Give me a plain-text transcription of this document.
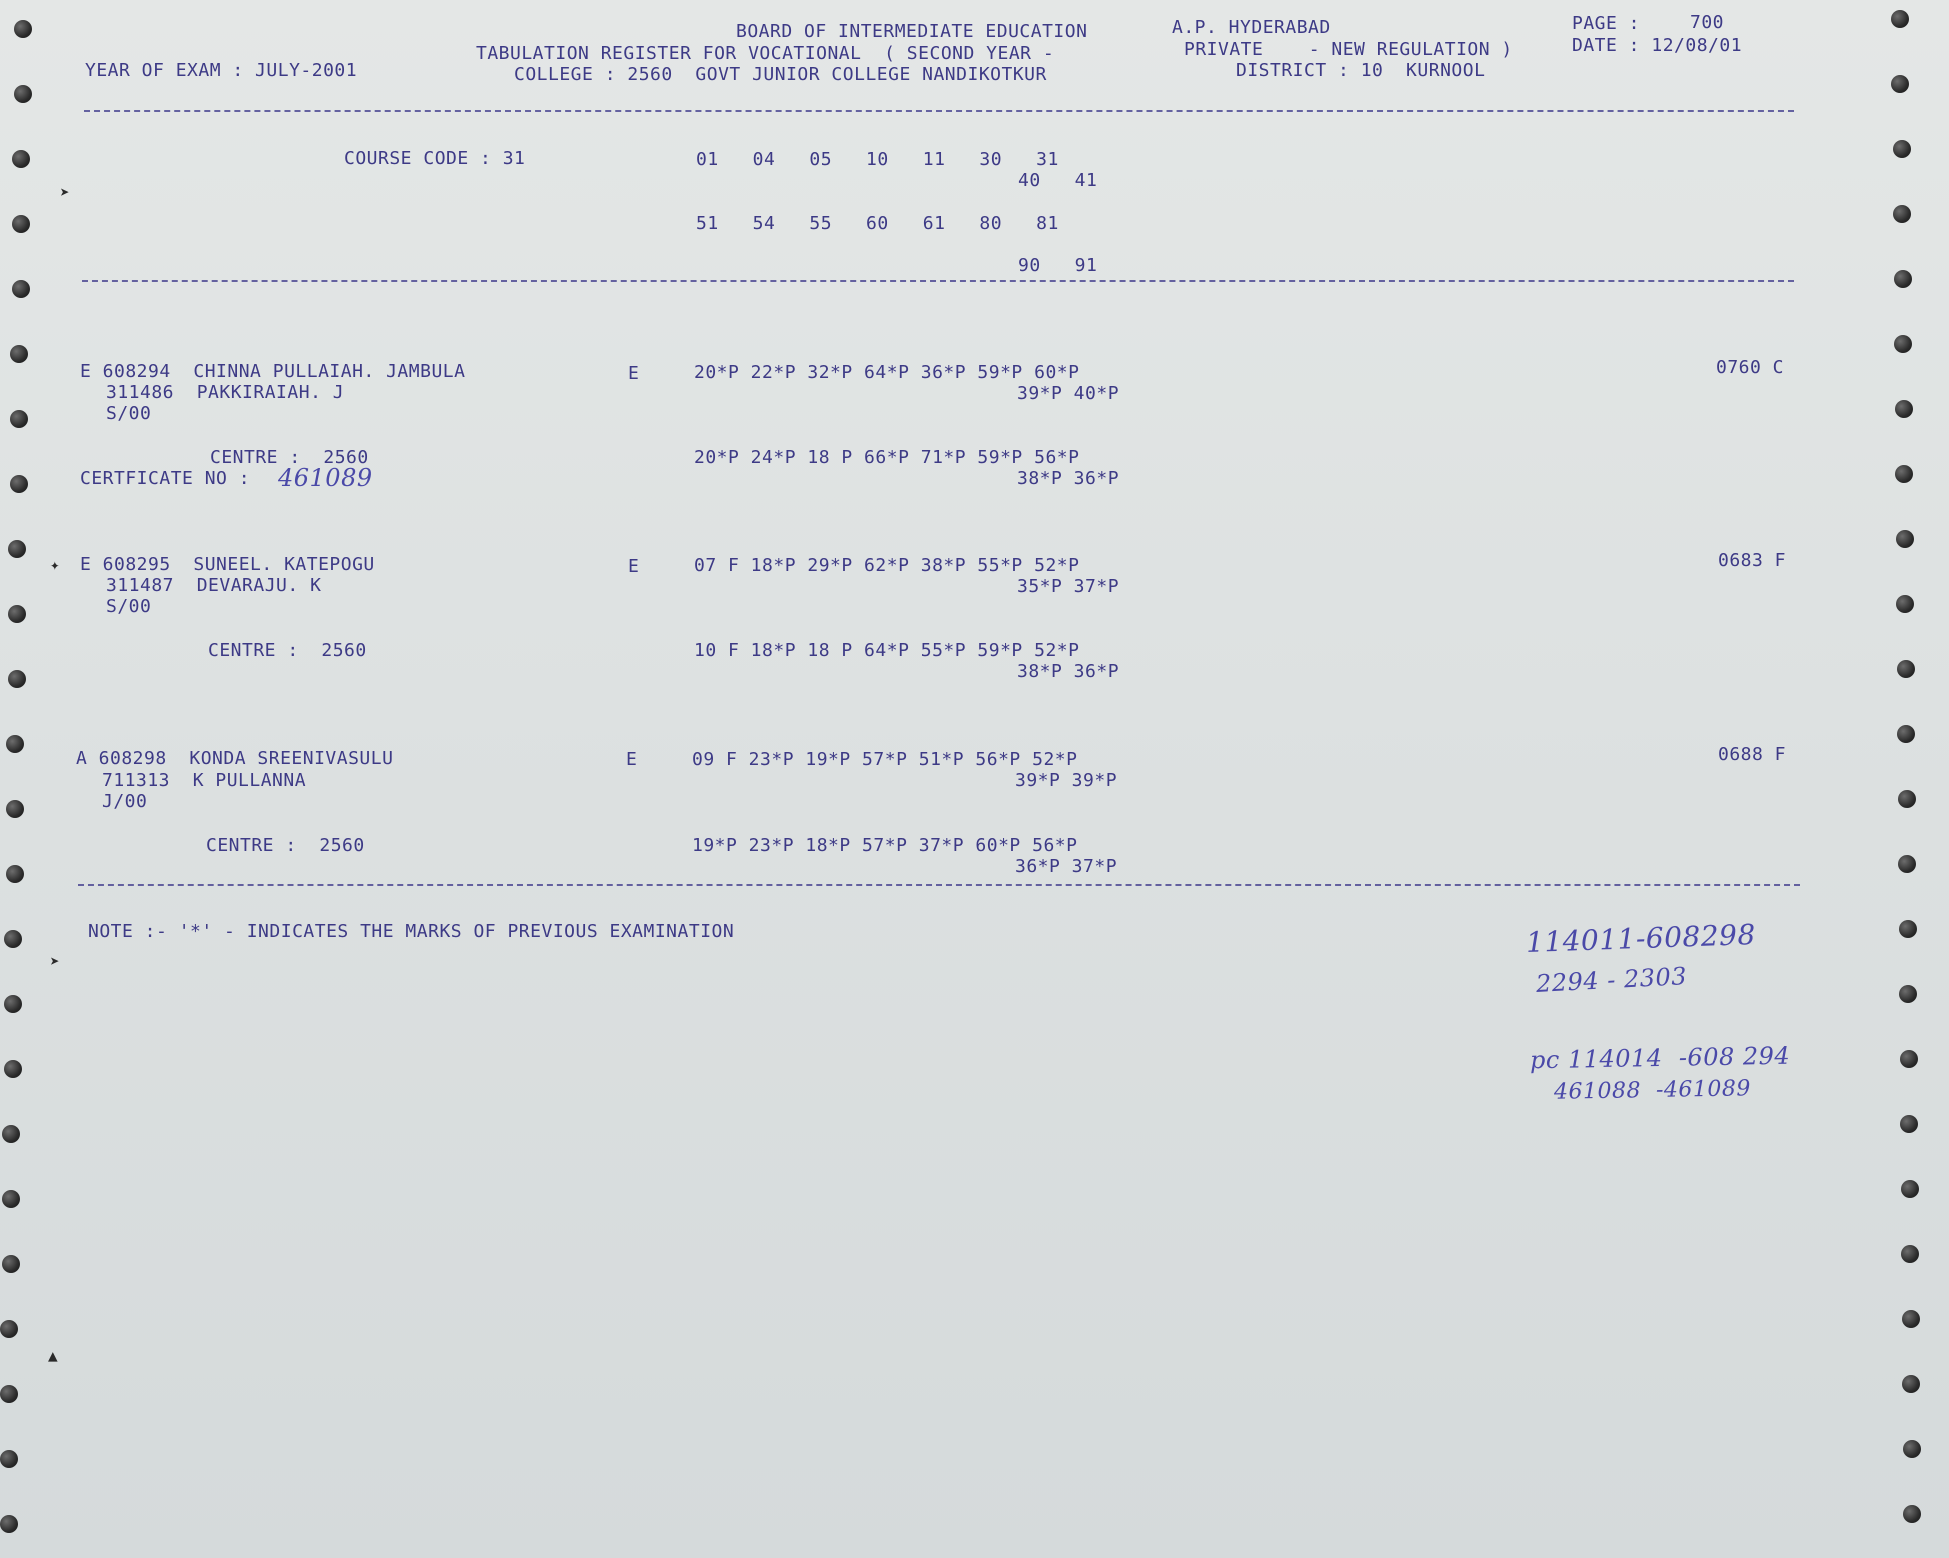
YEAR OF EXAM : JULY-2001
BOARD OF INTERMEDIATE EDUCATION	A.P. HYDERABAD	PAGE :	700
TABULATION REGISTER FOR VOCATIONAL  ( SECOND YEAR -	PRIVATE    - NEW REGULATION )	DATE : 12/08/01
COLLEGE : 2560  GOVT JUNIOR COLLEGE NANDIKOTKUR	DISTRICT : 10  KURNOOL
COURSE CODE : 31	01   04   05   10   11   30   31
40   41
51   54   55   60   61   80   81
90   91
E 608294  CHINNA PULLAIAH. JAMBULA
311486  PAKKIRAIAH. J
S/00
E	20*P 22*P 32*P 64*P 36*P 59*P 60*P
39*P 40*P
0760 C
CENTRE :  2560	20*P 24*P 18 P 66*P 71*P 59*P 56*P
38*P 36*P
CERTFICATE NO : 461089
E 608295  SUNEEL. KATEPOGU
311487  DEVARAJU. K
S/00
E	07 F 18*P 29*P 62*P 38*P 55*P 52*P
35*P 37*P
0683 F
CENTRE :  2560	10 F 18*P 18 P 64*P 55*P 59*P 52*P
38*P 36*P
A 608298  KONDA SREENIVASULU
711313  K PULLANNA
J/00
E	09 F 23*P 19*P 57*P 51*P 56*P 52*P
39*P 39*P
0688 F
CENTRE :  2560	19*P 23*P 18*P 57*P 37*P 60*P 56*P
36*P 37*P
NOTE :- '*' - INDICATES THE MARKS OF PREVIOUS EXAMINATION	114011-608298
2294 - 2303
pc 114014  -608 294
461088  -461089
➤
✦
➤
▲
